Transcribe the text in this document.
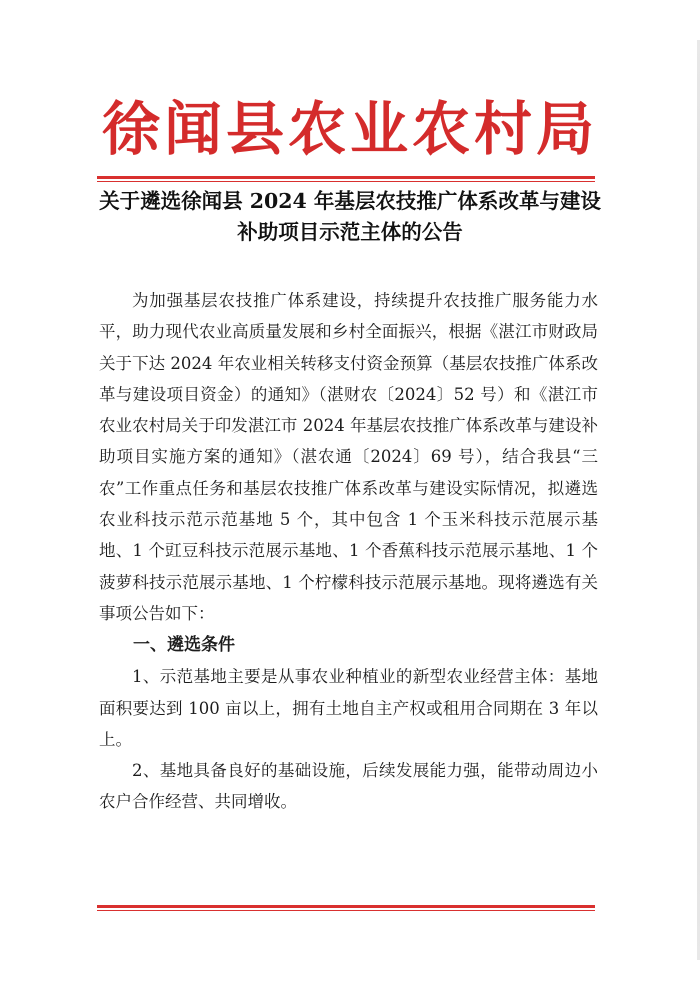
徐闻县农业农村局
关于遴选徐闻县 2024 年基层农技推广体系改革与建设
补助项目示范主体的公告

为加强基层农技推广体系建设，持续提升农技推广服务能力水平，助力现代农业高质量发展和乡村全面振兴，根据《湛江市财政局关于下达 2024 年农业相关转移支付资金预算（基层农技推广体系改革与建设项目资金）的通知》（湛财农〔2024〕52 号）和《湛江市农业农村局关于印发湛江市 2024 年基层农技推广体系改革与建设补助项目实施方案的通知》（湛农通〔2024〕69 号），结合我县“三农”工作重点任务和基层农技推广体系改革与建设实际情况，拟遴选农业科技示范示范基地 5 个，其中包含 1 个玉米科技示范展示基地、1 个豇豆科技示范展示基地、1 个香蕉科技示范展示基地、1 个菠萝科技示范展示基地、1 个柠檬科技示范展示基地。现将遴选有关事项公告如下：

一、遴选条件

1、示范基地主要是从事农业种植业的新型农业经营主体：基地面积要达到 100 亩以上，拥有土地自主产权或租用合同期在 3 年以上。

2、基地具备良好的基础设施，后续发展能力强，能带动周边小农户合作经营、共同增收。
